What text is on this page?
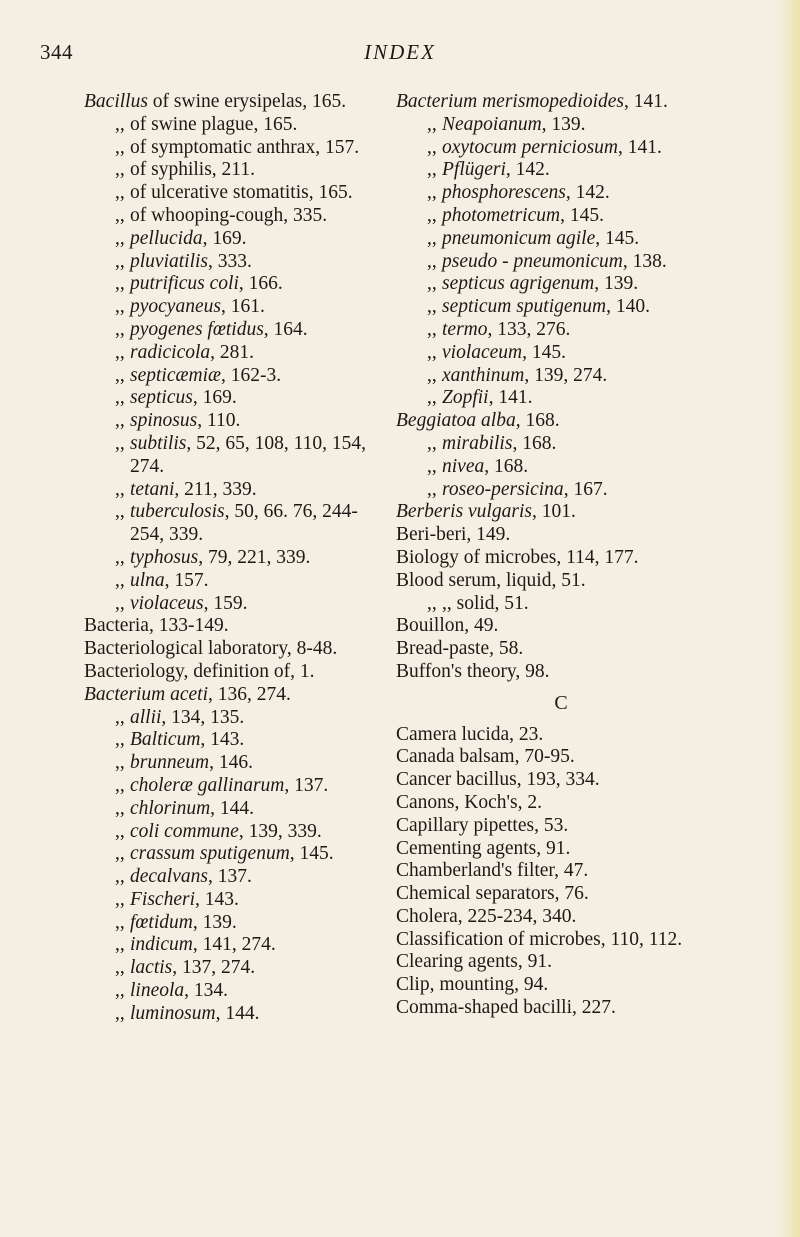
344	INDEX
Bacillus of swine erysipelas, 165.
,, of swine plague, 165.
,, of symptomatic anthrax, 157.
,, of syphilis, 211.
,, of ulcerative stomatitis, 165.
,, of whooping-cough, 335.
,, pellucida, 169.
,, pluviatilis, 333.
,, putrificus coli, 166.
,, pyocyaneus, 161.
,, pyogenes fœtidus, 164.
,, radicicola, 281.
,, septicæmiæ, 162-3.
,, septicus, 169.
,, spinosus, 110.
,, subtilis, 52, 65, 108, 110, 154, 274.
,, tetani, 211, 339.
,, tuberculosis, 50, 66. 76, 244-254, 339.
,, typhosus, 79, 221, 339.
,, ulna, 157.
,, violaceus, 159.
Bacteria, 133-149.
Bacteriological laboratory, 8-48.
Bacteriology, definition of, 1.
Bacterium aceti, 136, 274.
,, allii, 134, 135.
,, Balticum, 143.
,, brunneum, 146.
,, choleræ gallinarum, 137.
,, chlorinum, 144.
,, coli commune, 139, 339.
,, crassum sputigenum, 145.
,, decalvans, 137.
,, Fischeri, 143.
,, fœtidum, 139.
,, indicum, 141, 274.
,, lactis, 137, 274.
,, lineola, 134.
,, luminosum, 144.
Bacterium merismopedioides, 141.
,, Neapoianum, 139.
,, oxytocum perniciosum, 141.
,, Pflügeri, 142.
,, phosphorescens, 142.
,, photometricum, 145.
,, pneumonicum agile, 145.
,, pseudo - pneumonicum, 138.
,, septicus agrigenum, 139.
,, septicum sputigenum, 140.
,, termo, 133, 276.
,, violaceum, 145.
,, xanthinum, 139, 274.
,, Zopfii, 141.
Beggiatoa alba, 168.
,, mirabilis, 168.
,, nivea, 168.
,, roseo-persicina, 167.
Berberis vulgaris, 101.
Beri-beri, 149.
Biology of microbes, 114, 177.
Blood serum, liquid, 51.
,, ,, solid, 51.
Bouillon, 49.
Bread-paste, 58.
Buffon's theory, 98.
C
Camera lucida, 23.
Canada balsam, 70-95.
Cancer bacillus, 193, 334.
Canons, Koch's, 2.
Capillary pipettes, 53.
Cementing agents, 91.
Chamberland's filter, 47.
Chemical separators, 76.
Cholera, 225-234, 340.
Classification of microbes, 110, 112.
Clearing agents, 91.
Clip, mounting, 94.
Comma-shaped bacilli, 227.
